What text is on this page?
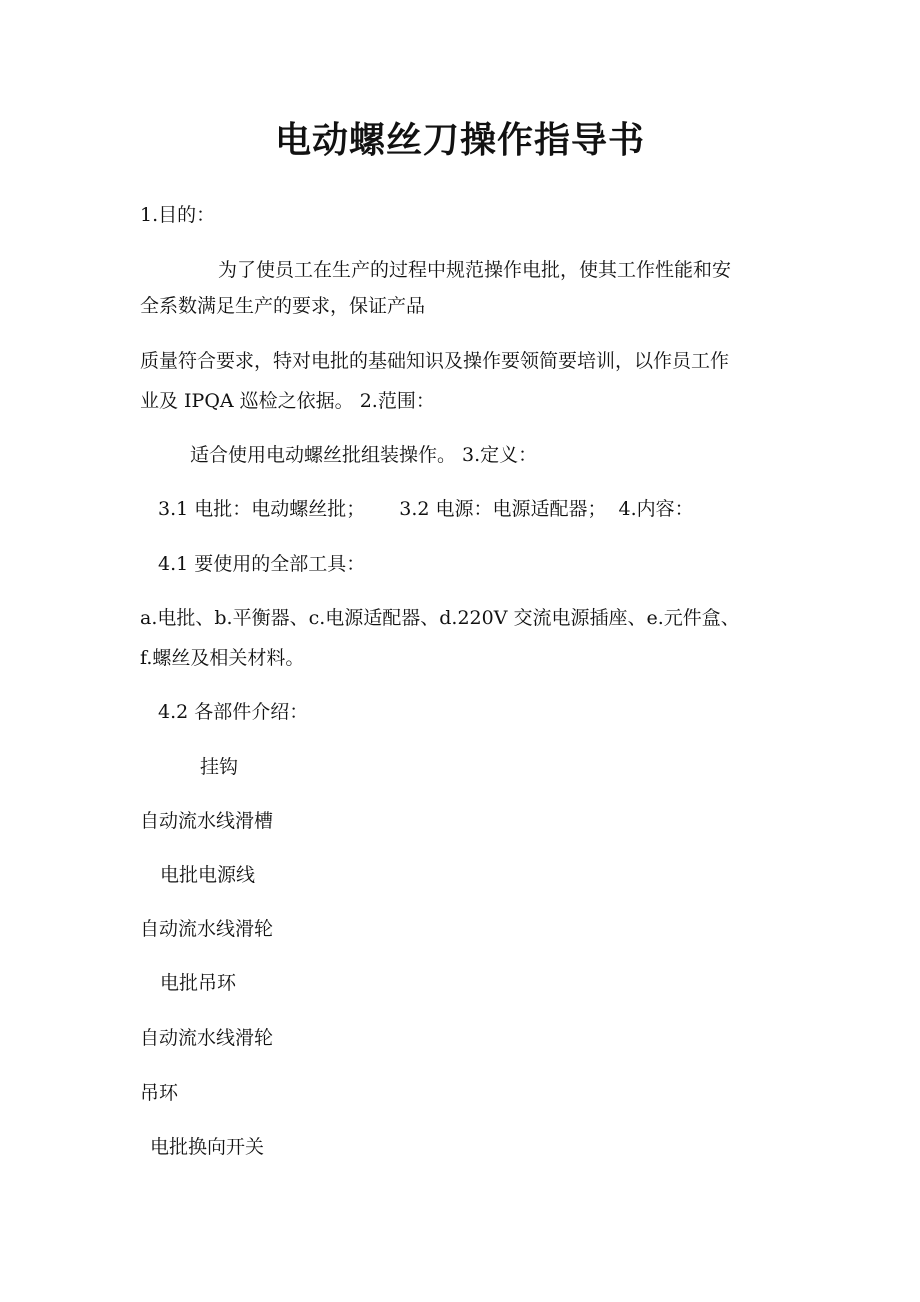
电动螺丝刀操作指导书
1.目的：
为了使员工在生产的过程中规范操作电批，使其工作性能和安
全系数满足生产的要求，保证产品
质量符合要求，特对电批的基础知识及操作要领简要培训，以作员工作
业及 IPQA 巡检之依据。 2.范围：
适合使用电动螺丝批组装操作。 3.定义：
3.1 电批：电动螺丝批； 3.2 电源：电源适配器； 4.内容：
4.1 要使用的全部工具：
a.电批、b.平衡器、c.电源适配器、d.220V 交流电源插座、e.元件盒、
f.螺丝及相关材料。
4.2 各部件介绍：
挂钩
自动流水线滑槽
电批电源线
自动流水线滑轮
电批吊环
自动流水线滑轮
吊环
电批换向开关
